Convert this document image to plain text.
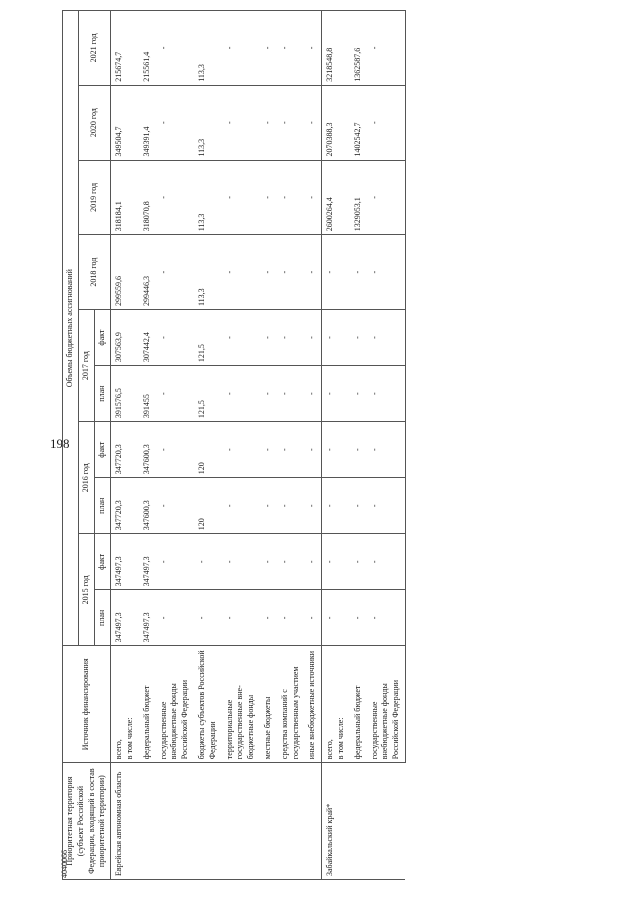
198
4040066
Приоритетная территория (субъект Российской Федерации, входящий в состав приоритетной территории)	Источник финансирования	Объемы бюджетных ассигнований									
		2015 год		2016 год		2017 год		2018 год	2019 год	2020 год	2021 год
		план	факт	план	факт	план	факт				
Еврейская автономная область	всего,
в том числе:	347497,3	347497,3	347720,3	347720,3	391576,5	307563,9	299559,6	318184,1	349504,7	215674,7
	федеральный бюджет	347497,3	347497,3	347600,3	347600,3	391455	307442,4	299446,3	318070,8	349391,4	215561,4
	государственные внебюджетные фонды Российской Федерации	-	-	-	-	-	-	-	-	-	-
	бюджеты субъектов Российской Федерации	-	-	120	120	121,5	121,5	113,3	113,3	113,3	113,3
	территориальные государственные вне-бюджетные фонды	-	-	-	-	-	-	-	-	-	-
	местные бюджеты	-	-	-	-	-	-	-	-	-	-
	средства компаний с государственным участием	-	-	-	-	-	-	-	-	-	-
	иные внебюджетные источники	-	-	-	-	-	-	-	-	-	-
Забайкальский край*	всего,
в том числе:	-	-	-	-	-	-	-	2600264,4	2070388,3	3218548,8
	федеральный бюджет	-	-	-	-	-	-	-	1329053,1	1402542,7	1362587,6
	государственные внебюджетные фонды Российской Федерации	-	-	-	-	-	-	-	-	-	-
